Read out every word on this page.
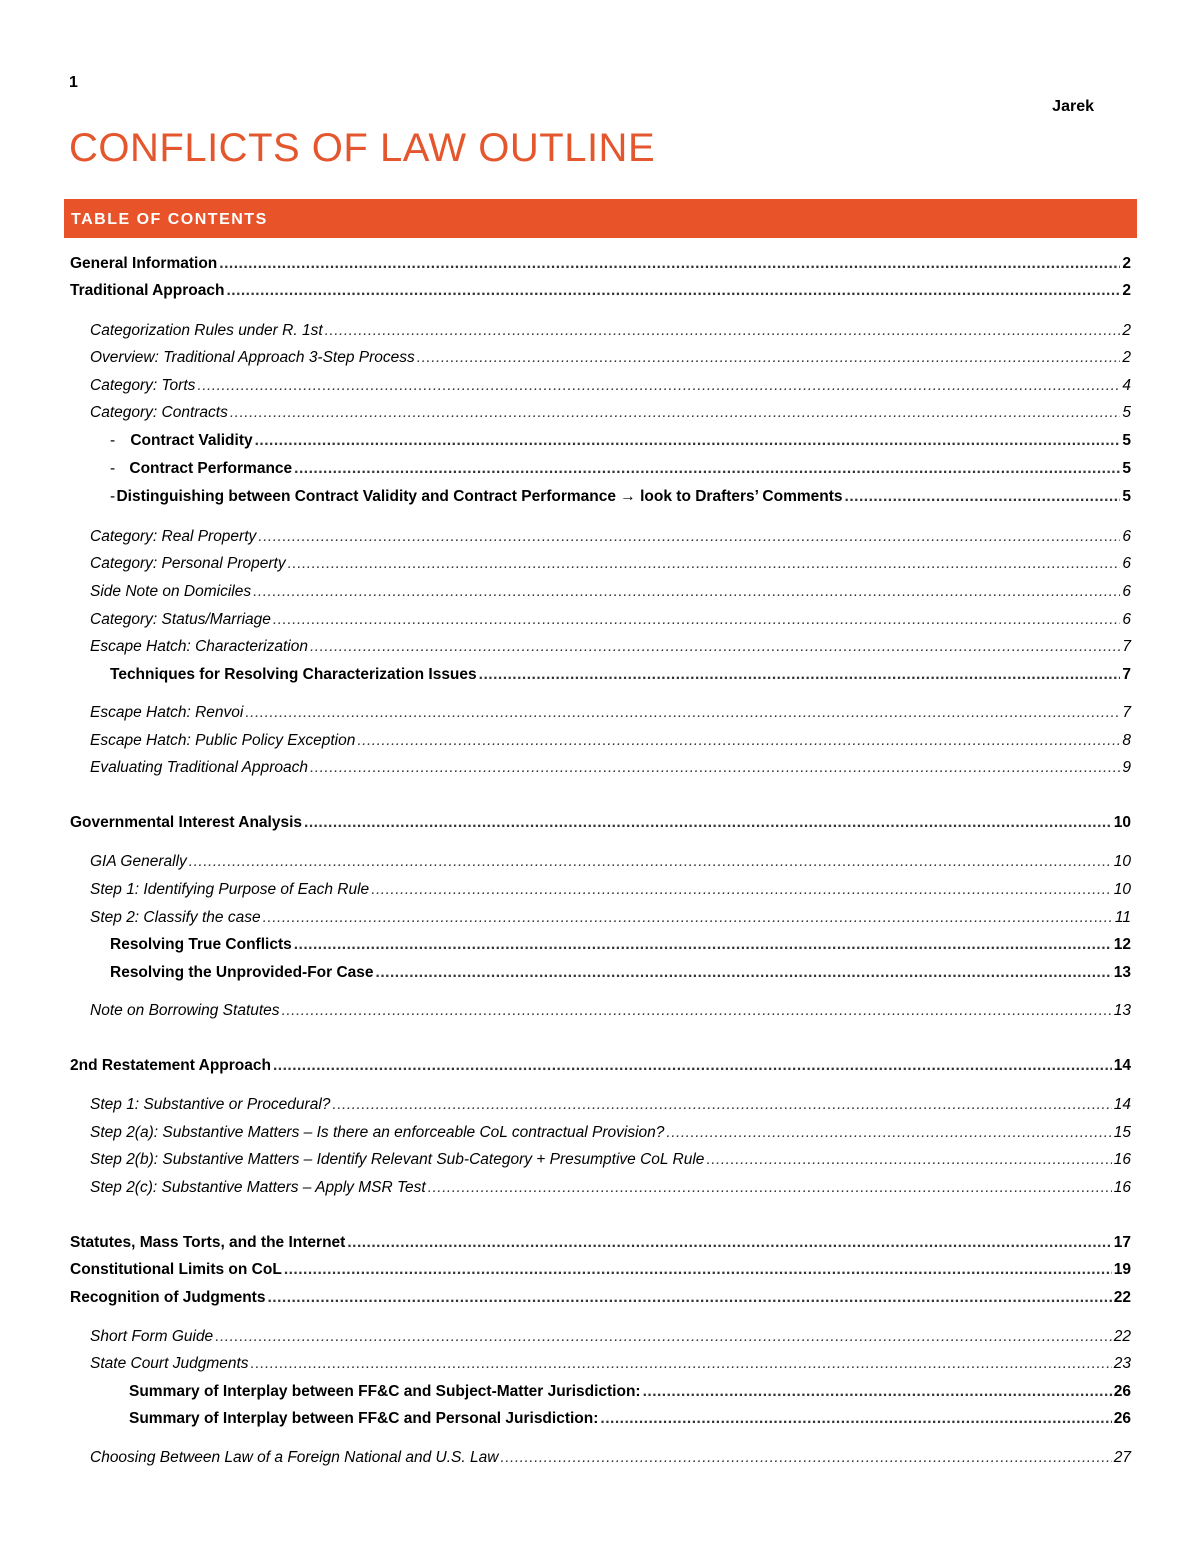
1
Jarek
CONFLICTS OF LAW OUTLINE
TABLE OF CONTENTS
General Information .....	2
Traditional Approach .....	2
Categorization Rules under R. 1st .....	2
Overview: Traditional Approach 3-Step Process .....	2
Category: Torts .....	4
Category: Contracts .....	5
- Contract Validity .....	5
- Contract Performance .....	5
- Distinguishing between Contract Validity and Contract Performance → look to Drafters’ Comments .....	5
Category: Real Property .....	6
Category: Personal Property .....	6
Side Note on Domiciles .....	6
Category: Status/Marriage .....	6
Escape Hatch: Characterization .....	7
Techniques for Resolving Characterization Issues .....	7
Escape Hatch: Renvoi .....	7
Escape Hatch: Public Policy Exception .....	8
Evaluating Traditional Approach .....	9
Governmental Interest Analysis .....	10
GIA Generally .....	10
Step 1: Identifying Purpose of Each Rule .....	10
Step 2: Classify the case .....	11
Resolving True Conflicts .....	12
Resolving the Unprovided-For Case .....	13
Note on Borrowing Statutes .....	13
2nd Restatement Approach .....	14
Step 1: Substantive or Procedural? .....	14
Step 2(a): Substantive Matters – Is there an enforceable CoL contractual Provision? .....	15
Step 2(b): Substantive Matters – Identify Relevant Sub-Category + Presumptive CoL Rule .....	16
Step 2(c): Substantive Matters – Apply MSR Test .....	16
Statutes, Mass Torts, and the Internet .....	17
Constitutional Limits on CoL .....	19
Recognition of Judgments .....	22
Short Form Guide .....	22
State Court Judgments .....	23
Summary of Interplay between FF&C and Subject-Matter Jurisdiction: .....	26
Summary of Interplay between FF&C and Personal Jurisdiction: .....	26
Choosing Between Law of a Foreign National and U.S. Law .....	27
